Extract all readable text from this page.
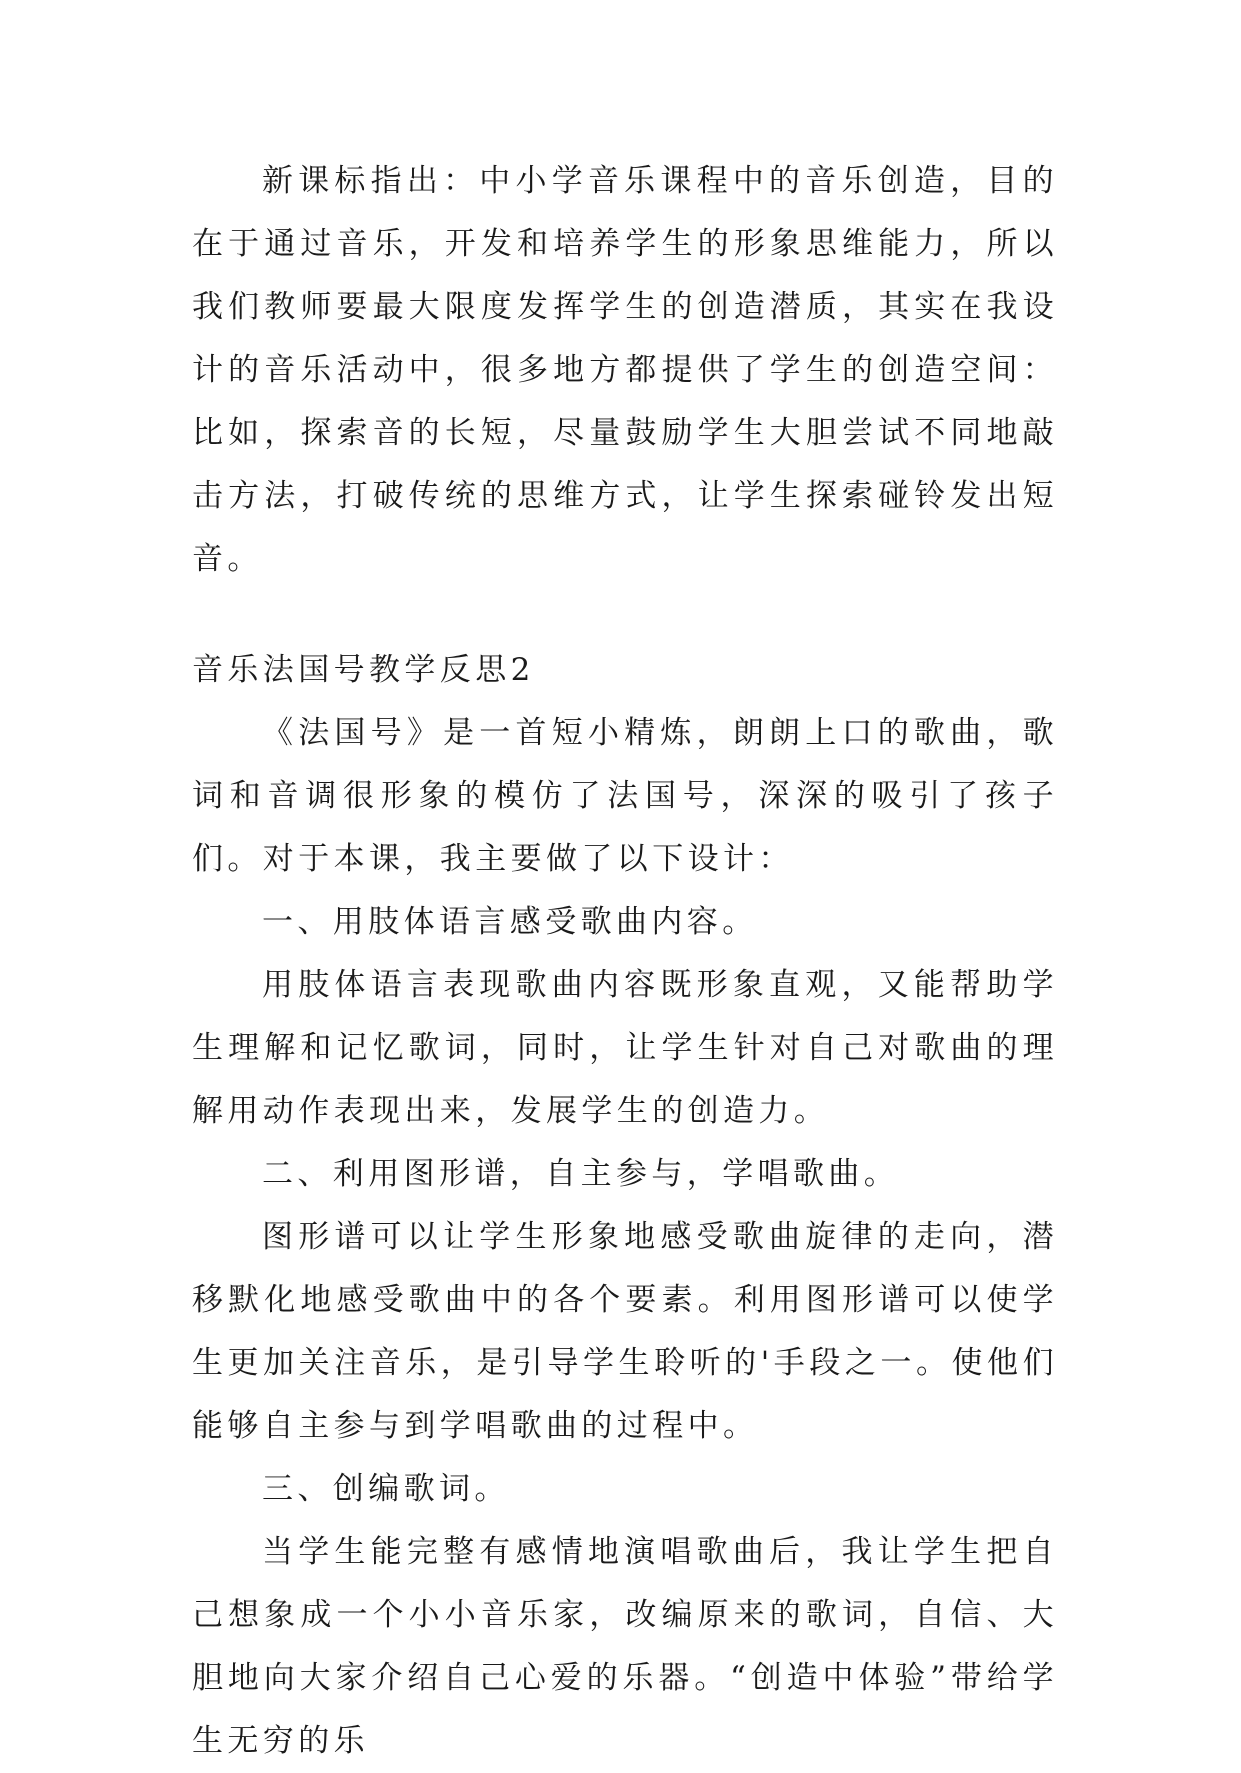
新课标指出：中小学音乐课程中的音乐创造，目的在于通过音乐，开发和培养学生的形象思维能力，所以我们教师要最大限度发挥学生的创造潜质，其实在我设计的音乐活动中，很多地方都提供了学生的创造空间：比如，探索音的长短，尽量鼓励学生大胆尝试不同地敲击方法，打破传统的思维方式，让学生探索碰铃发出短音。

音乐法国号教学反思2

《法国号》是一首短小精炼，朗朗上口的歌曲，歌词和音调很形象的模仿了法国号，深深的吸引了孩子们。对于本课，我主要做了以下设计：

一、用肢体语言感受歌曲内容。

用肢体语言表现歌曲内容既形象直观，又能帮助学生理解和记忆歌词，同时，让学生针对自己对歌曲的理解用动作表现出来，发展学生的创造力。

二、利用图形谱，自主参与，学唱歌曲。

图形谱可以让学生形象地感受歌曲旋律的走向，潜移默化地感受歌曲中的各个要素。利用图形谱可以使学生更加关注音乐，是引导学生聆听的'手段之一。使他们能够自主参与到学唱歌曲的过程中。

三、创编歌词。

当学生能完整有感情地演唱歌曲后，我让学生把自己想象成一个小小音乐家，改编原来的歌词，自信、大胆地向大家介绍自己心爱的乐器。“创造中体验”带给学生无穷的乐
